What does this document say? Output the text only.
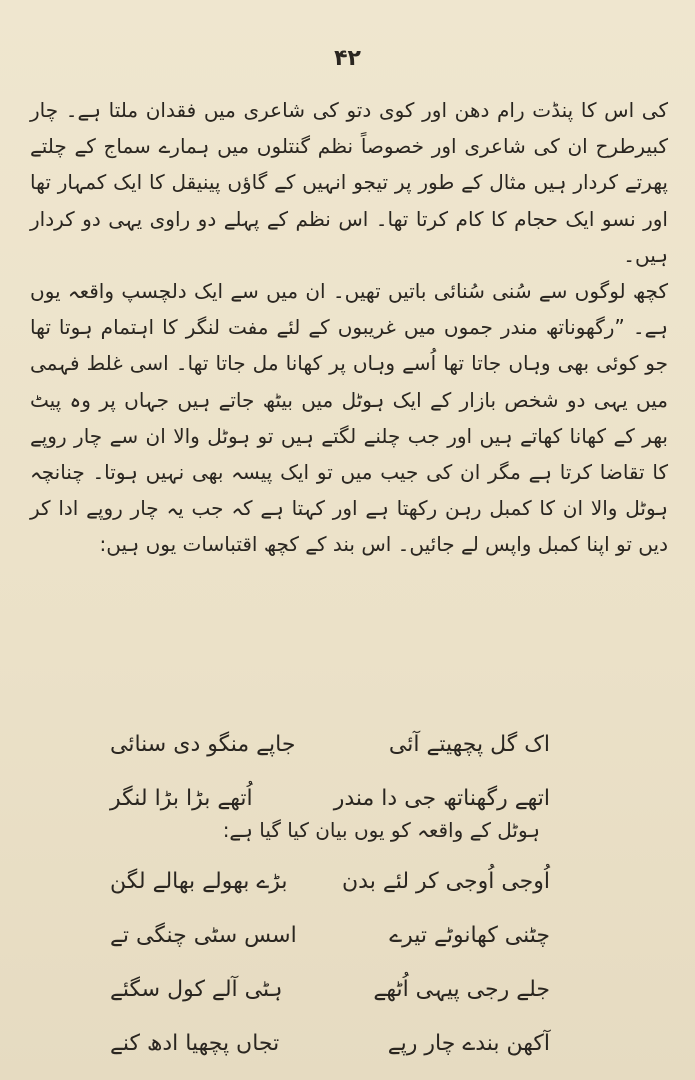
۴۲

کی اس کا پنڈت رام دھن اور کوی دتو کی شاعری میں فقدان ملتا ہے۔ چار کبیرطرح ان کی شاعری اور خصوصاً نظم گنتلوں میں ہمارے سماج کے چلتے پھرتے کردار ہیں مثال کے طور پر تیجو انہیں کے گاؤں پینیقل کا ایک کمہار تھا اور نسو ایک حجام کا کام کرتا تھا۔ اس نظم کے پہلے دو راوی یہی دو کردار ہیں۔

کچھ لوگوں سے سُنی سُنائی باتیں تھیں۔ ان میں سے ایک دلچسپ واقعہ یوں ہے۔ ”رگھوناتھ مندر جموں میں غریبوں کے لئے مفت لنگر کا اہتمام ہوتا تھا جو کوئی بھی وہاں جاتا تھا اُسے وہاں پر کھانا مل جاتا تھا۔ اسی غلط فہمی میں یہی دو شخص بازار کے ایک ہوٹل میں بیٹھ جاتے ہیں جہاں پر وہ پیٹ بھر کے کھانا کھاتے ہیں اور جب چلنے لگتے ہیں تو ہوٹل والا ان سے چار روپے کا تقاضا کرتا ہے مگر ان کی جیب میں تو ایک پیسہ بھی نہیں ہوتا۔ چنانچہ ہوٹل والا ان کا کمبل رہن رکھتا ہے اور کہتا ہے کہ جب یہ چار روپے ادا کر دیں تو اپنا کمبل واپس لے جائیں۔ اس بند کے کچھ اقتباسات یوں ہیں:

اک گل پچھیتے آئی
جاپے منگو دی سنائی
اتھے رگھناتھ جی دا مندر
اُتھے بڑا بڑا لنگر
ہوٹل کے واقعہ کو یوں بیان کیا گیا ہے:
اُوجی اُوجی کر لئے بدن
بڑے بھولے بھالے لگن
چٹنی کھانوٹے تیرے
اسس سٹی چنگی تے
جلے رجی پیہی اُٹھے
ہٹی آلے کول سگئے
آکھن بندے چار رپے
تجاں پچھیا ادھ کنے
